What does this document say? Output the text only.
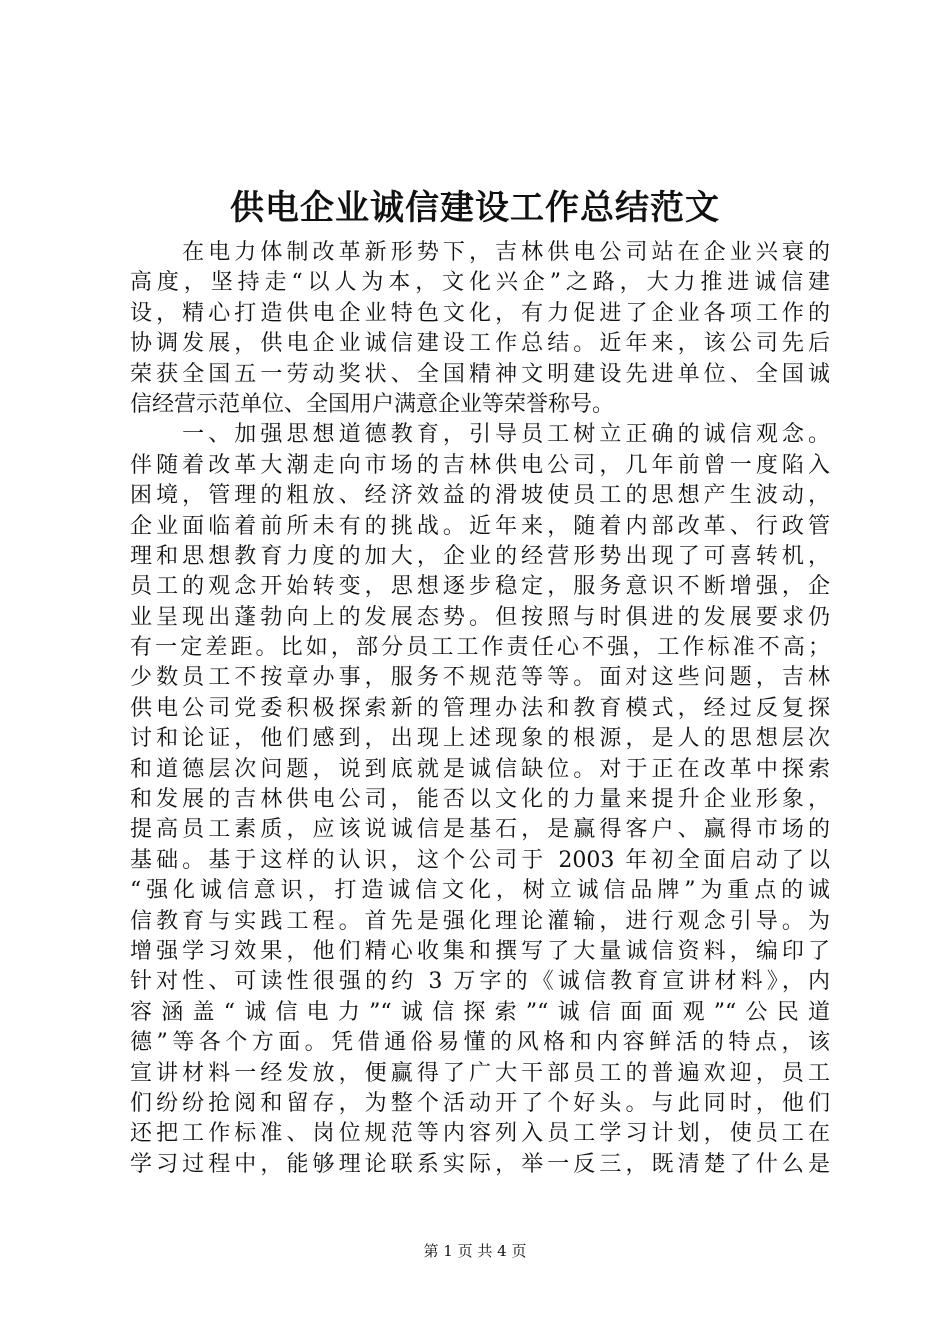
供电企业诚信建设工作总结范文
　　在电力体制改革新形势下，吉林供电公司站在企业兴衰的
高度，坚持走“以人为本，文化兴企”之路，大力推进诚信建
设，精心打造供电企业特色文化，有力促进了企业各项工作的
协调发展，供电企业诚信建设工作总结。近年来，该公司先后
荣获全国五一劳动奖状、全国精神文明建设先进单位、全国诚
信经营示范单位、全国用户满意企业等荣誉称号。
　　一、加强思想道德教育，引导员工树立正确的诚信观念。
伴随着改革大潮走向市场的吉林供电公司，几年前曾一度陷入
困境，管理的粗放、经济效益的滑坡使员工的思想产生波动，
企业面临着前所未有的挑战。近年来，随着内部改革、行政管
理和思想教育力度的加大，企业的经营形势出现了可喜转机，
员工的观念开始转变，思想逐步稳定，服务意识不断增强，企
业呈现出蓬勃向上的发展态势。但按照与时俱进的发展要求仍
有一定差距。比如，部分员工工作责任心不强，工作标准不高；
少数员工不按章办事，服务不规范等等。面对这些问题，吉林
供电公司党委积极探索新的管理办法和教育模式，经过反复探
讨和论证，他们感到，出现上述现象的根源，是人的思想层次
和道德层次问题，说到底就是诚信缺位。对于正在改革中探索
和发展的吉林供电公司，能否以文化的力量来提升企业形象，
提高员工素质，应该说诚信是基石，是赢得客户、赢得市场的
基础。基于这样的认识，这个公司于 2003 年初全面启动了以
“强化诚信意识，打造诚信文化，树立诚信品牌”为重点的诚
信教育与实践工程。首先是强化理论灌输，进行观念引导。为
增强学习效果，他们精心收集和撰写了大量诚信资料，编印了
针对性、可读性很强的约 3 万字的《诚信教育宣讲材料》，内
容涵盖“诚信电力”“诚信探索”“诚信面面观”“公民道
德”等各个方面。凭借通俗易懂的风格和内容鲜活的特点，该
宣讲材料一经发放，便赢得了广大干部员工的普遍欢迎，员工
们纷纷抢阅和留存，为整个活动开了个好头。与此同时，他们
还把工作标准、岗位规范等内容列入员工学习计划，使员工在
学习过程中，能够理论联系实际，举一反三，既清楚了什么是
第 1 页 共 4 页
